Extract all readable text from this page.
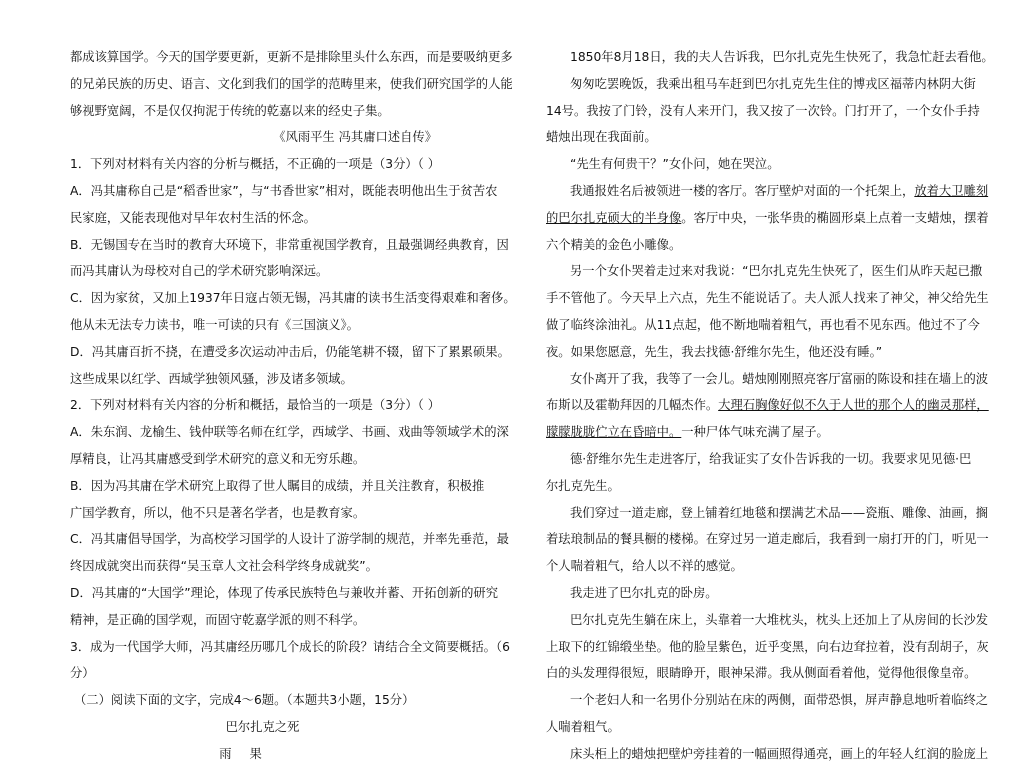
都成该算国学。今天的国学要更新，更新不是排除里头什么东西，而是要吸纳更多
的兄弟民族的历史、语言、文化到我们的国学的范畴里来，使我们研究国学的人能
够视野宽阔，不是仅仅拘泥于传统的乾嘉以来的经史子集。
《风雨平生 冯其庸口述自传》
1．下列对材料有关内容的分析与概括，不正确的一项是（3分）（ ）
A．冯其庸称自己是“稻香世家”，与“书香世家”相对，既能表明他出生于贫苦农
民家庭，又能表现他对早年农村生活的怀念。
B．无锡国专在当时的教育大环境下，非常重视国学教育，且最强调经典教育，因
而冯其庸认为母校对自己的学术研究影响深远。
C．因为家贫，又加上1937年日寇占领无锡，冯其庸的读书生活变得艰难和奢侈。
他从未无法专力读书，唯一可读的只有《三国演义》。
D．冯其庸百折不挠，在遭受多次运动冲击后，仍能笔耕不辍，留下了累累硕果。
这些成果以红学、西域学独领风骚，涉及诸多领域。
2．下列对材料有关内容的分析和概括，最恰当的一项是（3分）（ ）
A．朱东润、龙榆生、钱仲联等名师在红学，西域学、书画、戏曲等领域学术的深
厚精良，让冯其庸感受到学术研究的意义和无穷乐趣。
B．因为冯其庸在学术研究上取得了世人瞩目的成绩，并且关注教育，积极推
广国学教育，所以，他不只是著名学者，也是教育家。
C．冯其庸倡导国学，为高校学习国学的人设计了游学制的规范，并率先垂范，最
终因成就突出而获得“吴玉章人文社会科学终身成就奖”。
D．冯其庸的“大国学”理论，体现了传承民族特色与兼收并蓄、开拓创新的研究
精神，是正确的国学观，而固守乾嘉学派的则不科学。
3．成为一代国学大师，冯其庸经历哪几个成长的阶段？请结合全文简要概括。（6
分）
（二）阅读下面的文字，完成4～6题。（本题共3小题，15分）
巴尔扎克之死
雨 果
1850年8月18日，我的夫人告诉我，巴尔扎克先生快死了，我急忙赶去看他。
匆匆吃罢晚饭，我乘出租马车赶到巴尔扎克先生住的博戎区福蒂内林阴大街
14号。我按了门铃，没有人来开门，我又按了一次铃。门打开了，一个女仆手持
蜡烛出现在我面前。
“先生有何贵干？”女仆问，她在哭泣。
我通报姓名后被领进一楼的客厅。客厅壁炉对面的一个托架上，放着大卫雕刻
的巴尔扎克硕大的半身像。客厅中央，一张华贵的椭圆形桌上点着一支蜡烛，摆着
六个精美的金色小雕像。
另一个女仆哭着走过来对我说：“巴尔扎克先生快死了，医生们从昨天起已撒
手不管他了。今天早上六点，先生不能说话了。夫人派人找来了神父，神父给先生
做了临终涂油礼。从11点起，他不断地喘着粗气，再也看不见东西。他过不了今
夜。如果您愿意，先生，我去找德·舒维尔先生，他还没有睡。”
女仆离开了我，我等了一会儿。蜡烛刚刚照亮客厅富丽的陈设和挂在墙上的波
布斯以及霍勒拜因的几幅杰作。大理石胸像好似不久于人世的那个人的幽灵那样，
朦朦胧胧伫立在昏暗中。一种尸体气味充满了屋子。
德·舒维尔先生走进客厅，给我证实了女仆告诉我的一切。我要求见见德·巴
尔扎克先生。
我们穿过一道走廊，登上铺着红地毯和摆满艺术品——瓷瓶、雕像、油画，搁
着珐琅制品的餐具橱的楼梯。在穿过另一道走廊后，我看到一扇打开的门，听见一
个人喘着粗气，给人以不祥的感觉。
我走进了巴尔扎克的卧房。
巴尔扎克先生躺在床上，头靠着一大堆枕头，枕头上还加上了从房间的长沙发
上取下的红锦缎坐垫。他的脸呈紫色，近乎变黑，向右边耷拉着，没有刮胡子，灰
白的头发理得很短，眼睛睁开，眼神呆滞。我从侧面看着他，觉得他很像皇帝。
一个老妇人和一名男仆分别站在床的两侧，面带恐惧，屏声静息地听着临终之
人喘着粗气。
床头柜上的蜡烛把壁炉旁挂着的一幅画照得通亮，画上的年轻人红润的脸庞上
